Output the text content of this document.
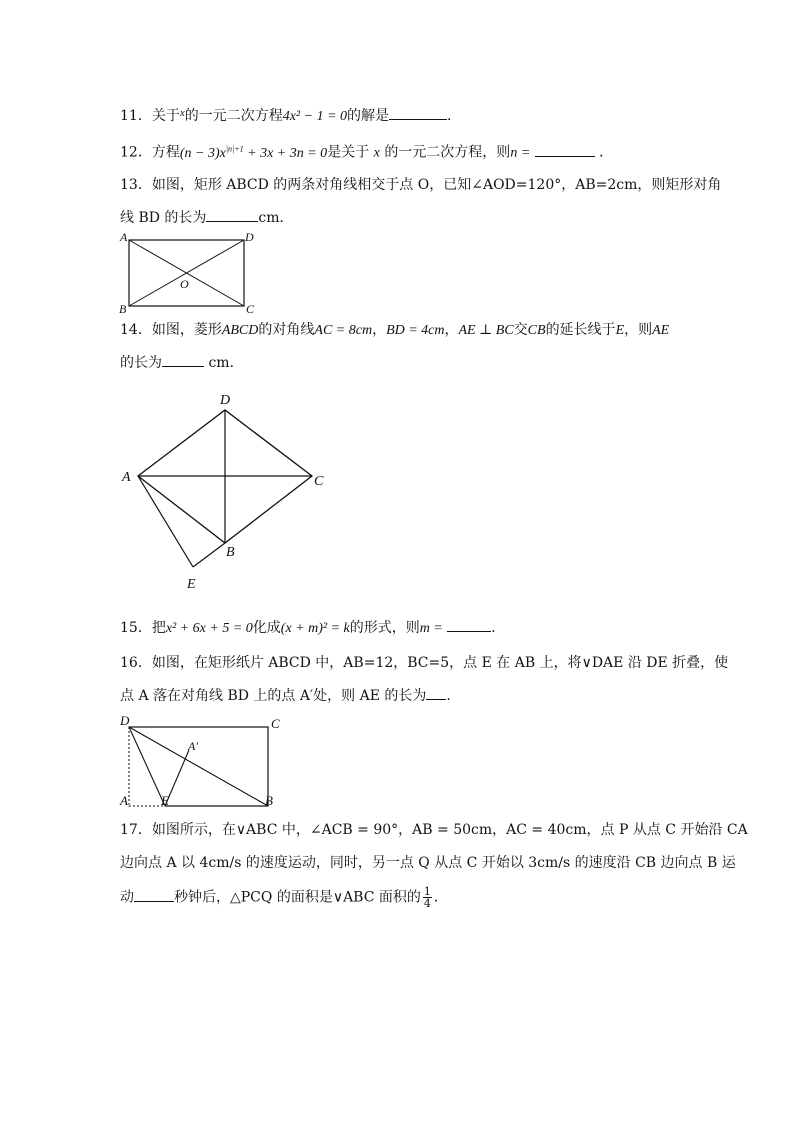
11．关于$^x$的一元二次方程4x² − 1 = 0的解是	．
12．方程$(n - 3)x^{|n|+1} + 3x + 3n = 0$是关于 x 的一元二次方程，则n =	．
13．如图，矩形 ABCD 的两条对角线相交于点 O，已知∠AOD=120°，AB=2cm，则矩形对角
线 BD 的长为	cm．
A	D
B	C
O
14．如图，菱形ABCD的对角线AC = 8cm，BD = 4cm，AE ⊥ BC交CB的延长线于E，则AE
的长为	cm．
D
A	C
B
E
15．把x² + 6x + 5 = 0化成(x + m)² = k的形式，则m =	．
16．如图，在矩形纸片 ABCD 中，AB=12，BC=5，点 E 在 AB 上，将∨DAE 沿 DE 折叠，使
点 A 落在对角线 BD 上的点 A′处，则 AE 的长为 ．
D	C
A′
A	E	B
17．如图所示，在∨ABC 中，∠ACB = 90°，AB = 50cm，AC = 40cm，点 P 从点 C 开始沿 CA
边向点 A 以 4cm/s 的速度运动，同时，另一点 Q 从点 C 开始以 3cm/s 的速度沿 CB 边向点 B 运
动	秒钟后，△PCQ 的面积是∨ABC 面积的 $\frac{1}{4}$ ．
